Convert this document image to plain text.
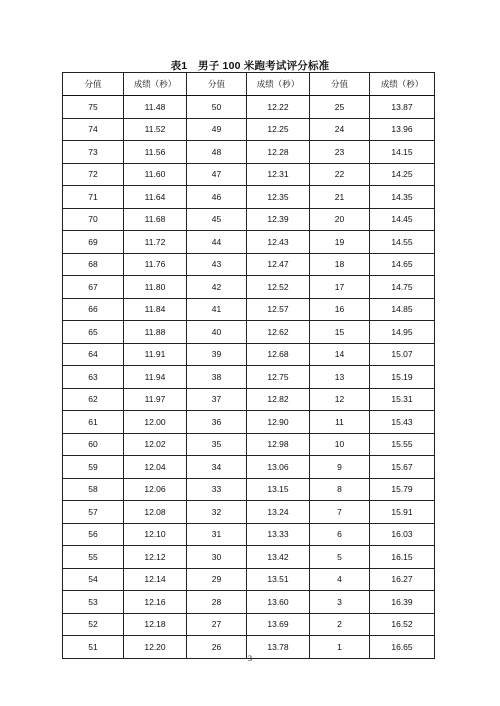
表1　男子 100 米跑考试评分标准
分值	成绩（秒）	分值	成绩（秒）	分值	成绩（秒）
75	11.48	50	12.22	25	13.87
74	11.52	49	12.25	24	13.96
73	11.56	48	12.28	23	14.15
72	11.60	47	12.31	22	14.25
71	11.64	46	12.35	21	14.35
70	11.68	45	12.39	20	14.45
69	11.72	44	12.43	19	14.55
68	11.76	43	12.47	18	14.65
67	11.80	42	12.52	17	14.75
66	11.84	41	12.57	16	14.85
65	11.88	40	12.62	15	14.95
64	11.91	39	12.68	14	15.07
63	11.94	38	12.75	13	15.19
62	11.97	37	12.82	12	15.31
61	12.00	36	12.90	11	15.43
60	12.02	35	12.98	10	15.55
59	12.04	34	13.06	9	15.67
58	12.06	33	13.15	8	15.79
57	12.08	32	13.24	7	15.91
56	12.10	31	13.33	6	16.03
55	12.12	30	13.42	5	16.15
54	12.14	29	13.51	4	16.27
53	12.16	28	13.60	3	16.39
52	12.18	27	13.69	2	16.52
51	12.20	26	13.78	1	16.65
3
